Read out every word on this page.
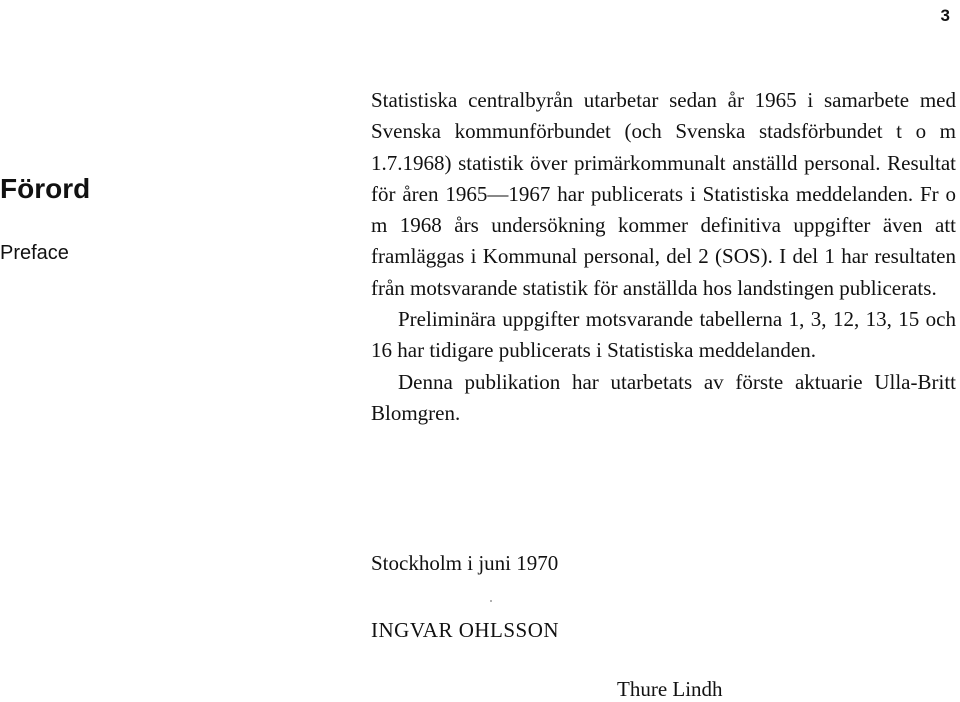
3
Förord
Preface

Statistiska centralbyrån utarbetar sedan år 1965 i samarbete med Svenska kommunförbundet (och Svenska stadsförbundet t o m 1.7.1968) statistik över primärkommunalt anställd personal. Resultat för åren 1965—1967 har publicerats i Statistiska meddelanden. Fr o m 1968 års undersökning kommer definitiva uppgifter även att framläggas i Kommunal personal, del 2 (SOS). I del 1 har resultaten från motsvarande statistik för anställda hos landstingen publicerats.

Preliminära uppgifter motsvarande tabellerna 1, 3, 12, 13, 15 och 16 har tidigare publicerats i Statistiska meddelanden.

Denna publikation har utarbetats av förste aktuarie Ulla-Britt Blomgren.

Stockholm i juni 1970
INGVAR OHLSSON
Thure Lindh
